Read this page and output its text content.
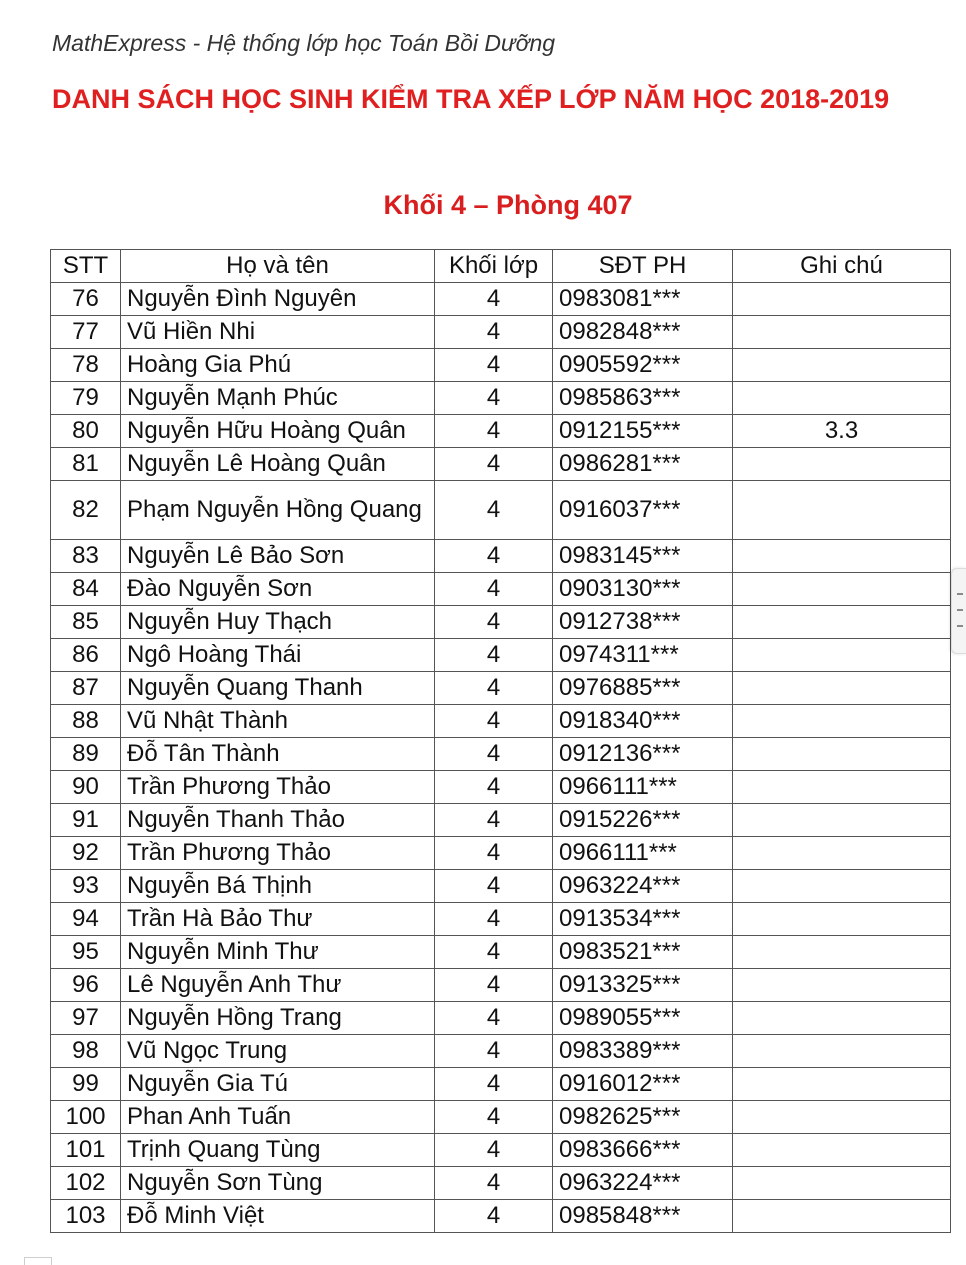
MathExpress - Hệ thống lớp học Toán Bồi Dưỡng
DANH SÁCH HỌC SINH KIỂM TRA XẾP LỚP NĂM HỌC 2018-2019
Khối 4 – Phòng 407
STT	Họ và tên	Khối lớp	SĐT PH	Ghi chú
76	Nguyễn Đình Nguyên	4	0983081***	
77	Vũ Hiền Nhi	4	0982848***	
78	Hoàng Gia Phú	4	0905592***	
79	Nguyễn Mạnh Phúc	4	0985863***	
80	Nguyễn Hữu Hoàng Quân	4	0912155***	3.3
81	Nguyễn Lê Hoàng Quân	4	0986281***	
82	Phạm Nguyễn Hồng Quang	4	0916037***	
83	Nguyễn Lê Bảo Sơn	4	0983145***	
84	Đào Nguyễn Sơn	4	0903130***	
85	Nguyễn Huy Thạch	4	0912738***	
86	Ngô Hoàng Thái	4	0974311***	
87	Nguyễn Quang Thanh	4	0976885***	
88	Vũ Nhật Thành	4	0918340***	
89	Đỗ Tân Thành	4	0912136***	
90	Trần Phương Thảo	4	0966111***	
91	Nguyễn Thanh Thảo	4	0915226***	
92	Trần Phương Thảo	4	0966111***	
93	Nguyễn Bá Thịnh	4	0963224***	
94	Trần Hà Bảo Thư	4	0913534***	
95	Nguyễn Minh Thư	4	0983521***	
96	Lê Nguyễn Anh Thư	4	0913325***	
97	Nguyễn Hồng Trang	4	0989055***	
98	Vũ Ngọc Trung	4	0983389***	
99	Nguyễn Gia Tú	4	0916012***	
100	Phan Anh Tuấn	4	0982625***	
101	Trịnh Quang Tùng	4	0983666***	
102	Nguyễn Sơn Tùng	4	0963224***	
103	Đỗ Minh Việt	4	0985848***	
